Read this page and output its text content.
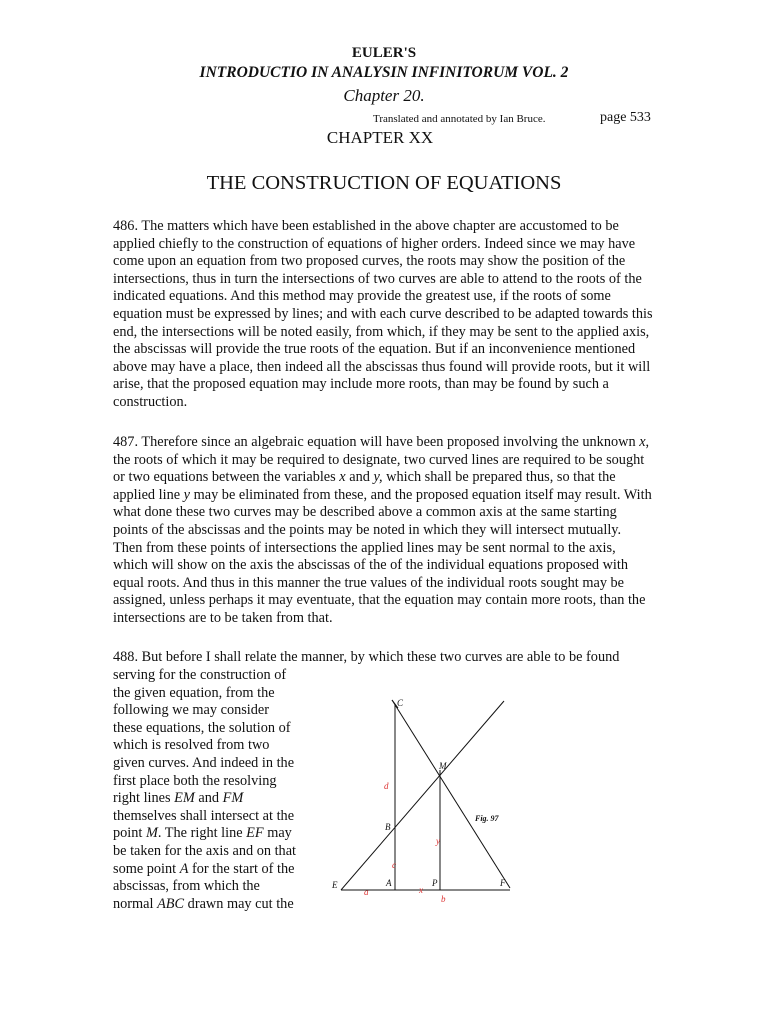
EULER'S
INTRODUCTIO IN ANALYSIN INFINITORUM VOL. 2
Chapter 20.
Translated and annotated by Ian Bruce.	page 533
CHAPTER XX
THE CONSTRUCTION OF EQUATIONS
486. The matters which have been established in the above chapter are accustomed to be applied chiefly to the construction of equations of higher orders. Indeed since we may have come upon an equation from two proposed curves, the roots may show the position of the intersections, thus in turn the intersections of two curves are able to attend to the roots of the indicated equations. And this method may provide the greatest use, if the roots of some equation must be expressed by lines; and with each curve described to be adapted towards this end, the intersections will be noted easily, from which, if they may be sent to the applied axis, the abscissas will provide the true roots of the equation. But if an inconvenience mentioned above may have a place, then indeed all the abscissas thus found will provide roots, but it will arise, that the proposed equation may include more roots, than may be found by such a construction.
487. Therefore since an algebraic equation will have been proposed involving the unknown x, the roots of which it may be required to designate, two curved lines are required to be sought or two equations between the variables x and y, which shall be prepared thus, so that the applied line y may be eliminated from these, and the proposed equation itself may result. With what done these two curves may be described above a common axis at the same starting points of the abscissas and the points may be noted in which they will intersect mutually. Then from these points of intersections the applied lines may be sent normal to the axis, which will show on the axis the abscissas of the of the individual equations proposed with equal roots. And thus in this manner the true values of the individual roots sought may be assigned, unless perhaps it may eventuate, that the equation may contain more roots, than the intersections are to be taken from that.
488. But before I shall relate the manner, by which these two curves are able to be found
serving for the construction of
the given equation, from the
following we may consider
these equations, the solution of
which is resolved from two
given curves. And indeed in the
first place both the resolving
right lines EM and FM
themselves shall intersect at the
point M. The right line EF may
be taken for the axis and on that
some point A for the start of the
abscissas, from which the
normal ABC drawn may cut the
C
M
B
A	P
E	F
d
y
c
a	x
b
Fig. 97
